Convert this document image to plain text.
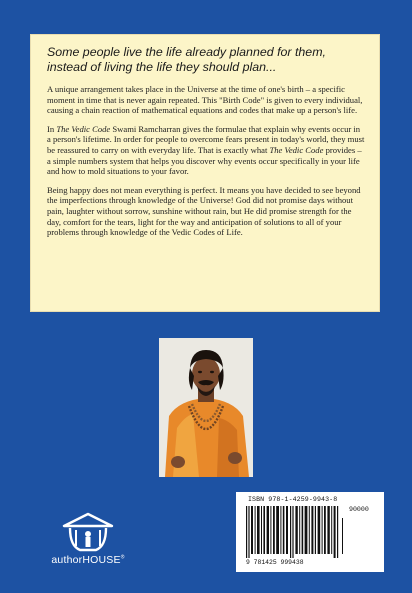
Some people live the life already planned for them, instead of living the life they should plan...

A unique arrangement takes place in the Universe at the time of one's birth – a specific moment in time that is never again repeated. This "Birth Code" is given to every individual, causing a chain reaction of mathematical equations and codes that make up a person's life.

In The Vedic Code Swami Ramcharran gives the formulae that explain why events occur in a person's lifetime. In order for people to overcome fears present in today's world, they must be reassured to carry on with everyday life. That is exactly what The Vedic Code provides – a simple numbers system that helps you discover why events occur specifically in your life and how to mold situations to your favor.

Being happy does not mean everything is perfect. It means you have decided to see beyond the imperfections through knowledge of the Universe! God did not promise days without pain, laughter without sorrow, sunshine without rain, but He did promise strength for the day, comfort for the tears, light for the way and anticipation of solutions to all of your problems through knowledge of the Vedic Codes of Life.

authorHOUSE®
ISBN 978-1-4259-9943-8
90000
9 781425 999438
